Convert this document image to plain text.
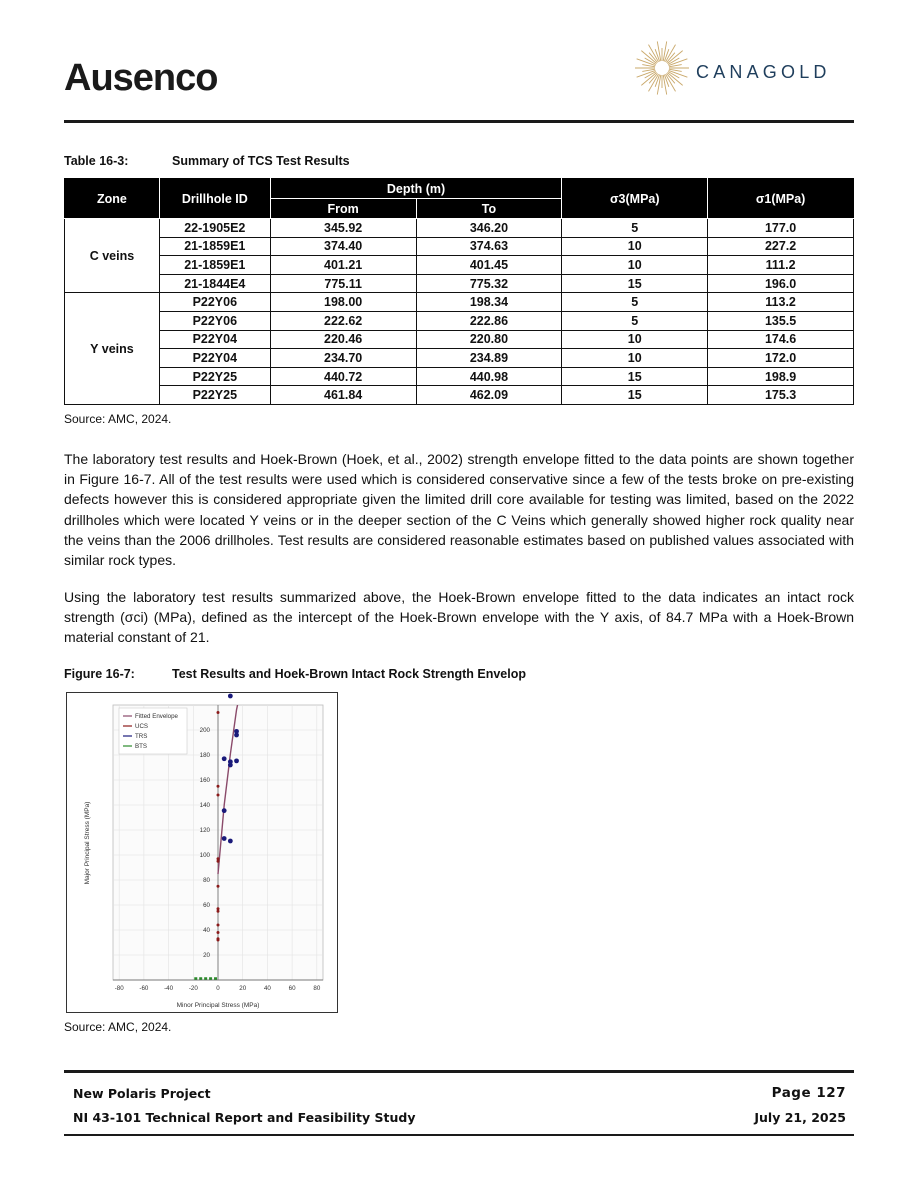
Ausenco	CANAGOLD
Table 16-3:	Summary of TCS Test Results
Zone	Drillhole ID	Depth (m)		σ3(MPa)	σ1(MPa)
		From	To		
C veins	22-1905E2	345.92	346.20	5	177.0
	21-1859E1	374.40	374.63	10	227.2
	21-1859E1	401.21	401.45	10	111.2
	21-1844E4	775.11	775.32	15	196.0
Y veins	P22Y06	198.00	198.34	5	113.2
	P22Y06	222.62	222.86	5	135.5
	P22Y04	220.46	220.80	10	174.6
	P22Y04	234.70	234.89	10	172.0
	P22Y25	440.72	440.98	15	198.9
	P22Y25	461.84	462.09	15	175.3
Source: AMC, 2024.

The laboratory test results and Hoek-Brown (Hoek, et al., 2002) strength envelope fitted to the data points are shown together in Figure 16-7. All of the test results were used which is considered conservative since a few of the tests broke on pre-existing defects however this is considered appropriate given the limited drill core available for testing was limited, based on the 2022 drillholes which were located Y veins or in the deeper section of the C Veins which generally showed higher rock quality near the veins than the 2006 drillholes. Test results are considered reasonable estimates based on published values associated with similar rock types.

Using the laboratory test results summarized above, the Hoek-Brown envelope fitted to the data indicates an intact rock strength (σci) (MPa), defined as the intercept of the Hoek-Brown envelope with the Y axis, of 84.7 MPa with a Hoek-Brown material constant of 21.

Figure 16-7:	Test Results and Hoek-Brown Intact Rock Strength Envelop
-80	-60	-40	-20	0	20	40	60	80
20
40
60
80
100
120
140
160
180
200
Fitted Envelope
UCS
TRS
BTS
Minor Principal Stress (MPa)
Major Principal Stress (MPa)
Source: AMC, 2024.
New Polaris Project
NI 43-101 Technical Report and Feasibility Study
Page 127
July 21, 2025
